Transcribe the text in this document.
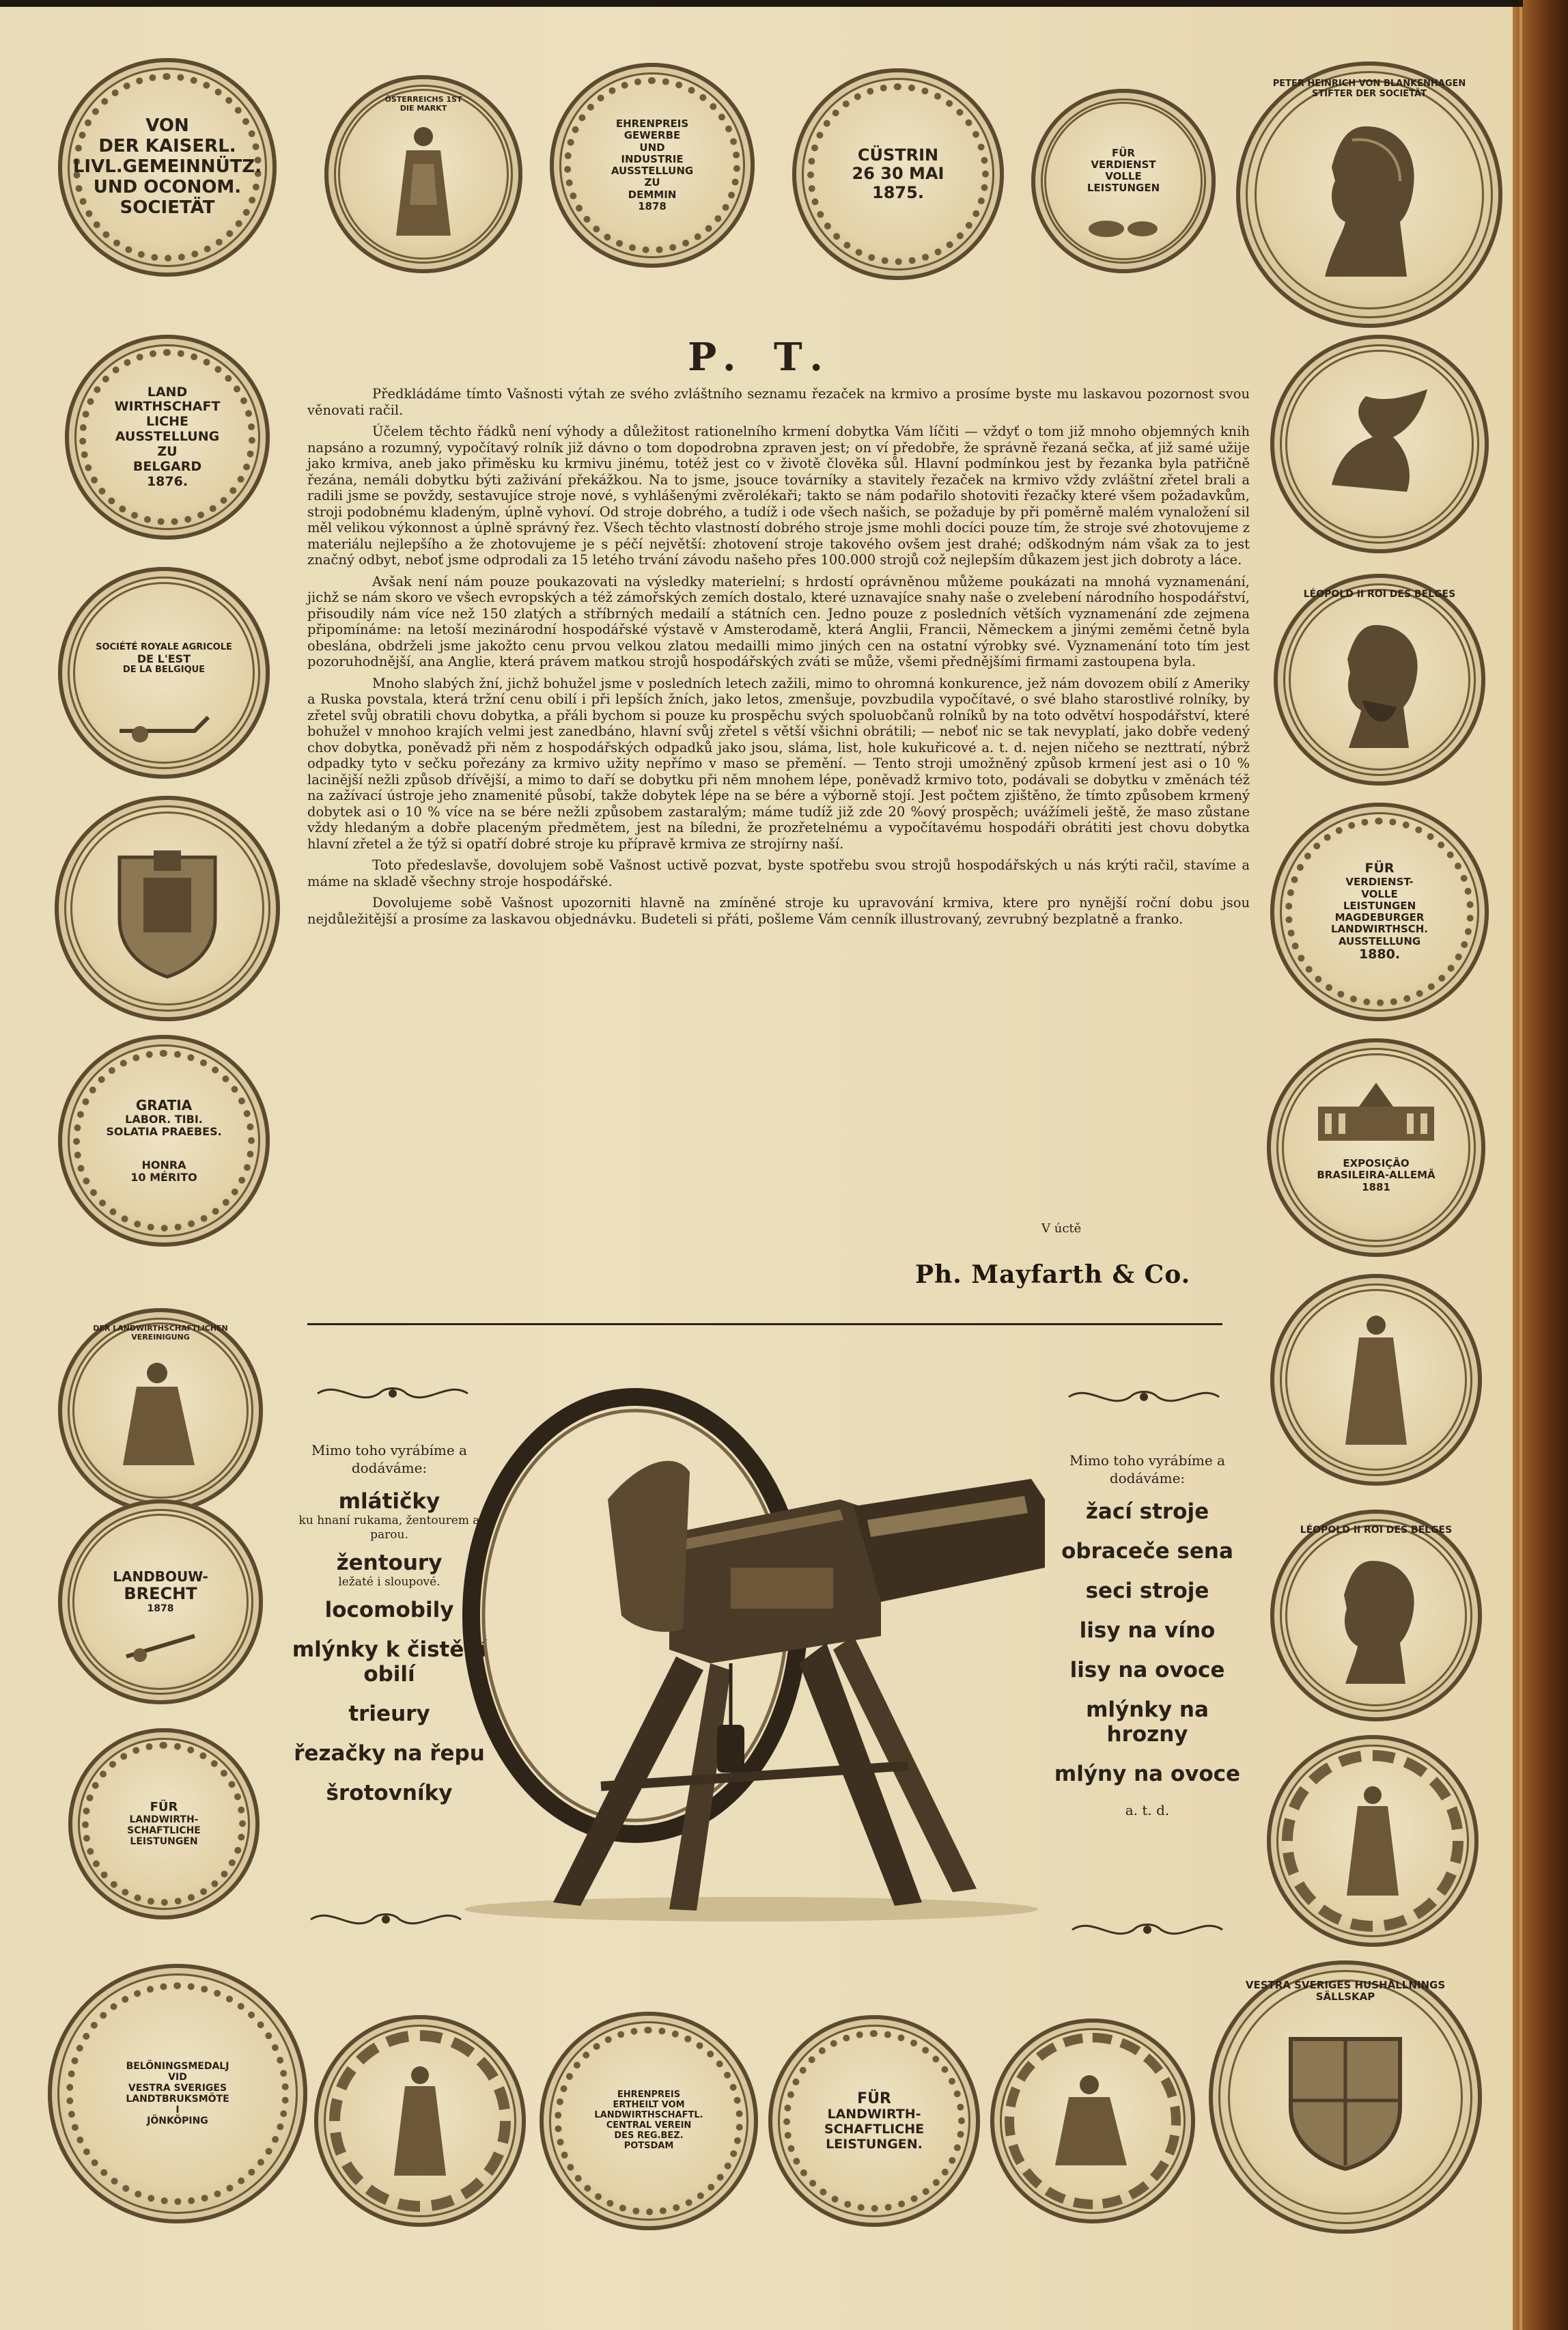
VON
DER KAISERL.
LIVL.GEMEINNÜTZ.
UND OCONOM.
SOCIETÄT
ÖSTERREICHS 1ST
DIE MARKT
EHRENPREIS
GEWERBE
UND
INDUSTRIE
AUSSTELLUNG
ZU
DEMMIN
1878
CÜSTRIN
26 30 MAI
1875.
FÜR
VERDIENST
VOLLE
LEISTUNGEN
PETER HEINRICH VON BLANKENHAGEN STIFTER DER SOCIETÄT
LAND
WIRTHSCHAFT
LICHE
AUSSTELLUNG
ZU
BELGARD
1876.
SOCIÉTÉ ROYALE AGRICOLE
DE L'EST
DE LA BELGIQUE
GRATIA
LABOR. TIBI.
SOLATIA PRAEBES.
HONRA
10 MÉRITO
DER LANDWIRTHSCHAFTLICHEN VEREINIGUNG
LANDBOUW-
BRECHT
1878
FÜR
LANDWIRTH-
SCHAFTLICHE
LEISTUNGEN
LÉOPOLD II ROI DES BELGES
FÜR
VERDIENST-
VOLLE
LEISTUNGEN
MAGDEBURGER
LANDWIRTHSCH.
AUSSTELLUNG
1880.
EXPOSIÇÃO
BRASILEIRA-ALLEMÃ
1881
LÉOPOLD II ROI DES BELGES
BELÖNINGSMEDALJ
VID
VESTRA SVERIGES
LANDTBRUKSMÖTE
I
JÖNKÖPING
EHRENPREIS
ERTHEILT VOM
LANDWIRTHSCHAFTL.
CENTRAL VEREIN
DES REG.BEZ.
POTSDAM
FÜR
LANDWIRTH-
SCHAFTLICHE
LEISTUNGEN.
VESTRA SVERIGES HUSHÅLLNINGS SÄLLSKAP
P. T.

Předkládáme tímto Vašnosti výtah ze svého zvláštního seznamu řezaček na krmivo a prosíme byste mu laskavou pozornost svou věnovati račil.

Účelem těchto řádků není výhody a důležitost rationelního krmení dobytka Vám líčiti — vždyť o tom již mnoho objemných knih napsáno a rozumný, vypočítavý rolník již dávno o tom dopodrobna zpraven jest; on ví předobře, že správně řezaná sečka, ať již samé užije jako krmiva, aneb jako přiměsku ku krmivu jinému, totéž jest co v životě člověka sůl. Hlavní podmínkou jest by řezanka byla patřičně řezána, nemáli dobytku býti zaživání překážkou. Na to jsme, jsouce továrníky a stavitely řezaček na krmivo vždy zvláštní zřetel brali a radili jsme se povždy, sestavujíce stroje nové, s vyhlášenými zvěrolékaři; takto se nám podařilo shotoviti řezačky které všem požadavkům, stroji podobnému kladeným, úplně vyhoví. Od stroje dobrého, a tudíž i ode všech našich, se požaduje by při poměrně malém vynaložení sil měl velikou výkonnost a úplně správný řez. Všech těchto vlastností dobrého stroje jsme mohli docíci pouze tím, že stroje své zhotovujeme z materiálu nejlepšího a že zhotovujeme je s péčí největší: zhotovení stroje takového ovšem jest drahé; odškodným nám však za to jest značný odbyt, neboť jsme odprodali za 15 letého trvání závodu našeho přes 100.000 strojů což nejlepším důkazem jest jich dobroty a láce.

Avšak není nám pouze poukazovati na výsledky materielní; s hrdostí oprávněnou můžeme poukázati na mnohá vyznamenání, jichž se nám skoro ve všech evropských a též zámořských zemích dostalo, které uznavajíce snahy naše o zvelebení národního hospodářství, přisoudily nám více než 150 zlatých a stříbrných medailí a státních cen. Jedno pouze z posledních větších vyznamenání zde zejmena připomínáme: na letoší mezinárodní hospodářské výstavě v Amsterodamě, která Anglii, Francii, Německem a jinými zeměmi četně byla obeslána, obdrželi jsme jakožto cenu prvou velkou zlatou medailli mimo jiných cen na ostatní výrobky své. Vyznamenání toto tím jest pozoruhodnější, ana Anglie, která právem matkou strojů hospodářských zváti se může, všemi přednějšími firmami zastoupena byla.

Mnoho slabých žní, jichž bohužel jsme v posledních letech zažili, mimo to ohromná konkurence, jež nám dovozem obilí z Ameriky a Ruska povstala, která tržní cenu obilí i při lepších žních, jako letos, zmenšuje, povzbudila vypočítavé, o své blaho starostlivé rolníky, by zřetel svůj obratili chovu dobytka, a přáli bychom si pouze ku prospěchu svých spoluobčanů rolníků by na toto odvětví hospodářství, které bohužel v mnohoo krajích velmi jest zanedbáno, hlavní svůj zřetel s větší všichni obrátili; — neboť nic se tak nevyplatí, jako dobře vedený chov dobytka, poněvadž při něm z hospodářských odpadků jako jsou, sláma, list, hole kukuřicové a. t. d. nejen ničeho se nezttratí, nýbrž odpadky tyto v sečku pořezány za krmivo užity nepřímo v maso se přemění. — Tento stroji umožněný způsob krmení jest asi o 10 % lacinější nežli způsob dřívější, a mimo to daří se dobytku při něm mnohem lépe, poněvadž krmivo toto, podávali se dobytku v změnách též na zažívací ústroje jeho znamenité působí, takže dobytek lépe na se bére a výborně stojí. Jest počtem zjištěno, že tímto způsobem krmený dobytek asi o 10 % více na se bére nežli způsobem zastaralým; máme tudíž již zde 20 %ový prospěch; uvážímeli ještě, že maso zůstane vždy hledaným a dobře placeným předmětem, jest na bíledni, že prozřetelnému a vypočítavému hospodáři obrátiti jest chovu dobytka hlavní zřetel a že týž si opatří dobré stroje ku přípravě krmiva ze strojírny naší.

Toto předeslavše, dovolujem sobě Vašnost uctivě pozvat, byste spotřebu svou strojů hospodářských u nás krýti račil, stavíme a máme na skladě všechny stroje hospodářské.

Dovolujeme sobě Vašnost upozorniti hlavně na zmíněné stroje ku upravování krmiva, ktere pro nynější roční dobu jsou nejdůležitější a prosíme za laskavou objednávku. Budeteli si přáti, pošleme Vám cenník illustrovaný, zevrubný bezplatně a franko.

V úctě
Ph. Mayfarth & Co.
Mimo toho vyrábíme a dodáváme:
mlátičky
ku hnaní rukama, žentourem a parou.
žentoury
ležaté i sloupové.
locomobily
mlýnky k čistění obilí
trieury
řezačky na řepu
šrotovníky
Mimo toho vyrábíme a dodáváme:
žací stroje
obraceče sena
seci stroje
lisy na víno
lisy na ovoce
mlýnky na hrozny
mlýny na ovoce
a. t. d.
